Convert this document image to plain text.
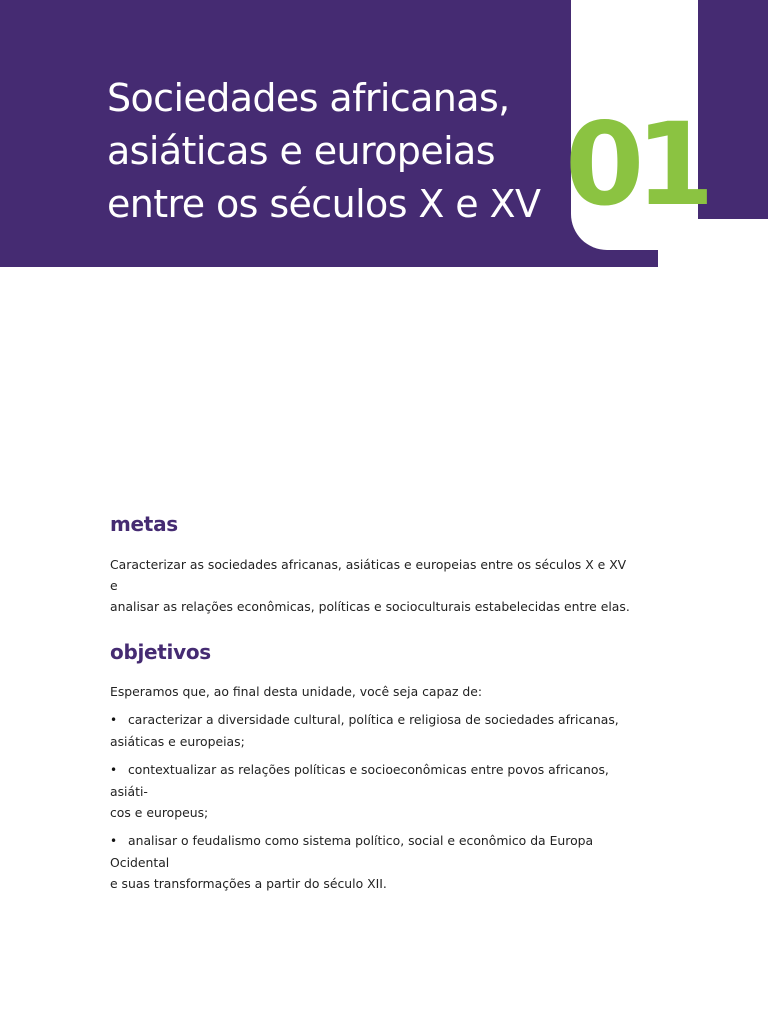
01
Sociedades africanas,
asiáticas e europeias
entre os séculos X e XV
metas

Caracterizar as sociedades africanas, asiáticas e europeias entre os séculos X e XV e
analisar as relações econômicas, políticas e socioculturais estabelecidas entre elas.

objetivos

Esperamos que, ao final desta unidade, você seja capaz de:

• caracterizar a diversidade cultural, política e religiosa de sociedades africanas,
asiáticas e europeias;
• contextualizar as relações políticas e socioeconômicas entre povos africanos, asiáti-
cos e europeus;
• analisar o feudalismo como sistema político, social e econômico da Europa Ocidental
e suas transformações a partir do século XII.
